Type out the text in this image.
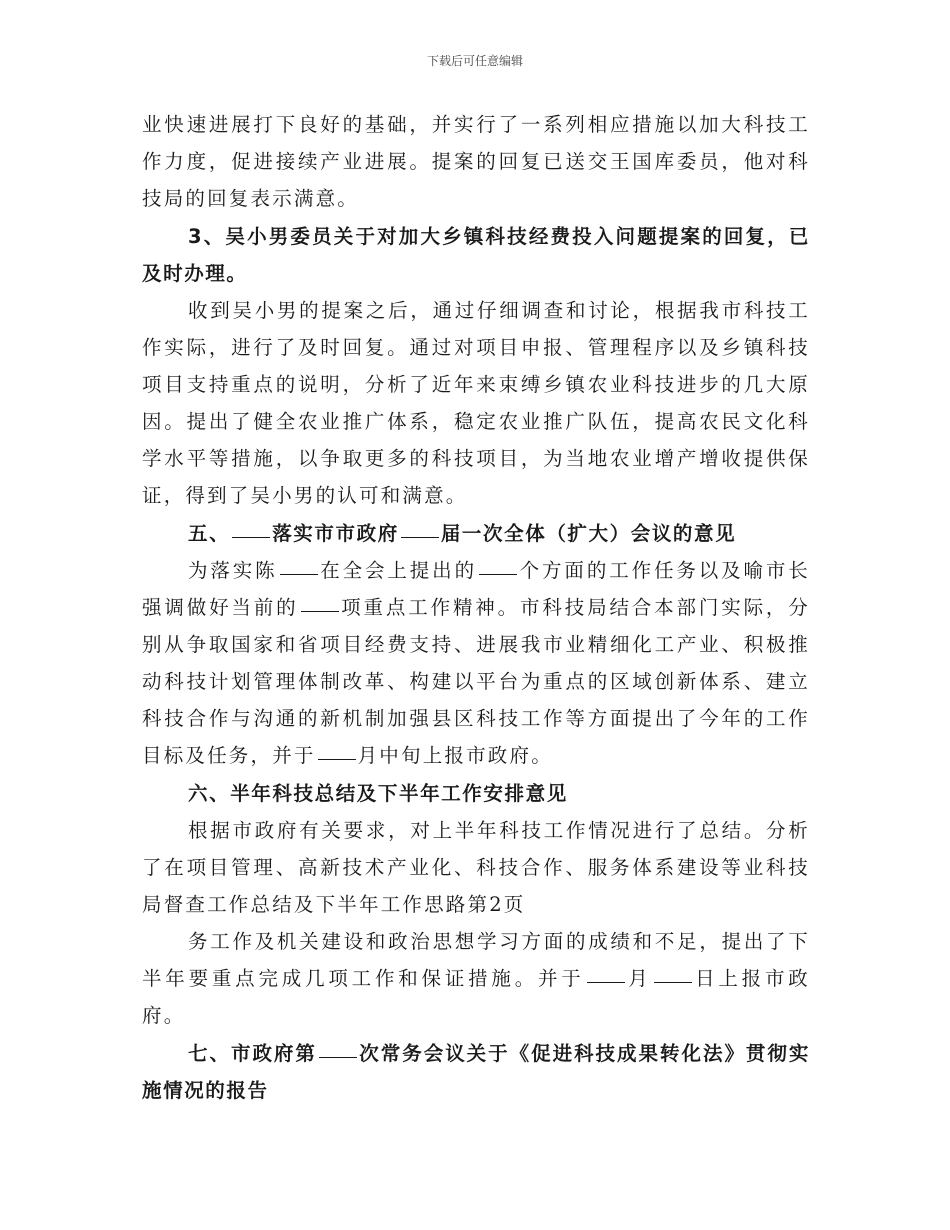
下载后可任意编辑
业快速进展打下良好的基础，并实行了一系列相应措施以加大科技工作力度，促进接续产业进展。提案的回复已送交王国库委员，他对科技局的回复表示满意。
3、吴小男委员关于对加大乡镇科技经费投入问题提案的回复，已及时办理。
收到吴小男的提案之后，通过仔细调查和讨论，根据我市科技工作实际，进行了及时回复。通过对项目申报、管理程序以及乡镇科技项目支持重点的说明，分析了近年来束缚乡镇农业科技进步的几大原因。提出了健全农业推广体系，稳定农业推广队伍，提高农民文化科学水平等措施，以争取更多的科技项目，为当地农业增产增收提供保证，得到了吴小男的认可和满意。
五、 落实市市政府 届一次全体（扩大）会议的意见
为落实陈 在全会上提出的 个方面的工作任务以及喻市长强调做好当前的 项重点工作精神。市科技局结合本部门实际，分别从争取国家和省项目经费支持、进展我市业精细化工产业、积极推动科技计划管理体制改革、构建以平台为重点的区域创新体系、建立科技合作与沟通的新机制加强县区科技工作等方面提出了今年的工作目标及任务，并于 月中旬上报市政府。
六、半年科技总结及下半年工作安排意见
根据市政府有关要求，对上半年科技工作情况进行了总结。分析了在项目管理、高新技术产业化、科技合作、服务体系建设等业科技局督查工作总结及下半年工作思路第2页
务工作及机关建设和政治思想学习方面的成绩和不足，提出了下半年要重点完成几项工作和保证措施。并于 月 日上报市政府。
七、市政府第 次常务会议关于《促进科技成果转化法》贯彻实施情况的报告
